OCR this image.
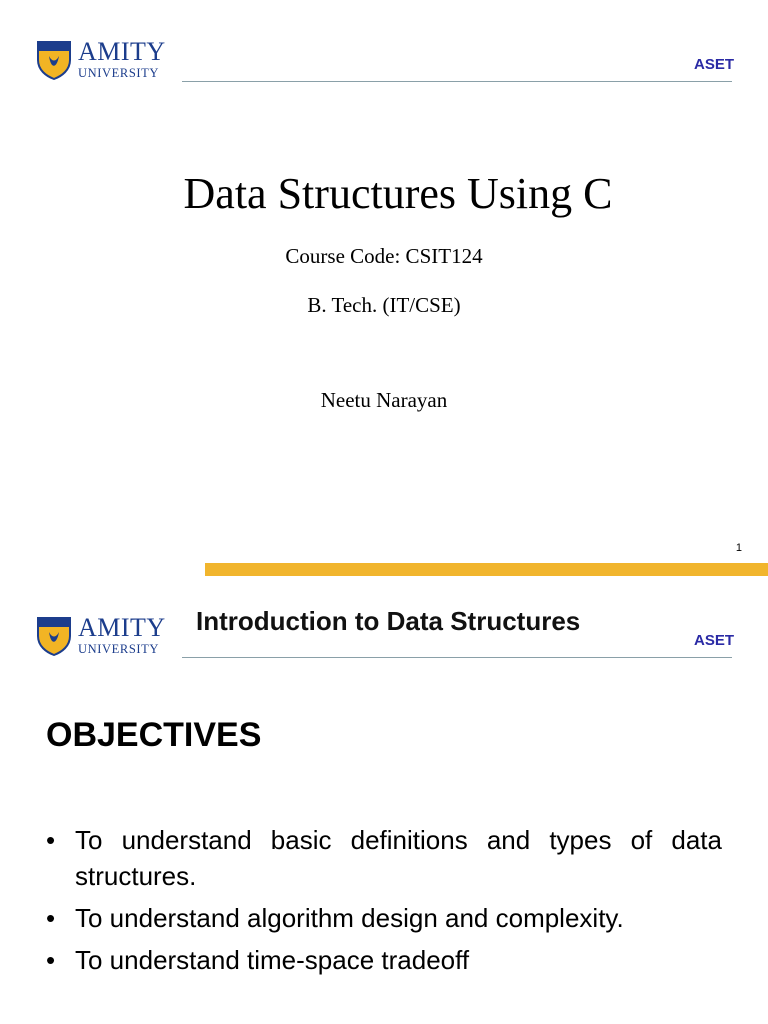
AMITY
UNIVERSITY	ASET
Data Structures Using C
Course Code: CSIT124
B. Tech. (IT/CSE)
Neetu Narayan
1
AMITY
UNIVERSITY
Introduction to Data Structures
ASET
OBJECTIVES
• To understand basic definitions and types of data structures.
• To understand algorithm design and complexity.
• To understand time-space tradeoff
